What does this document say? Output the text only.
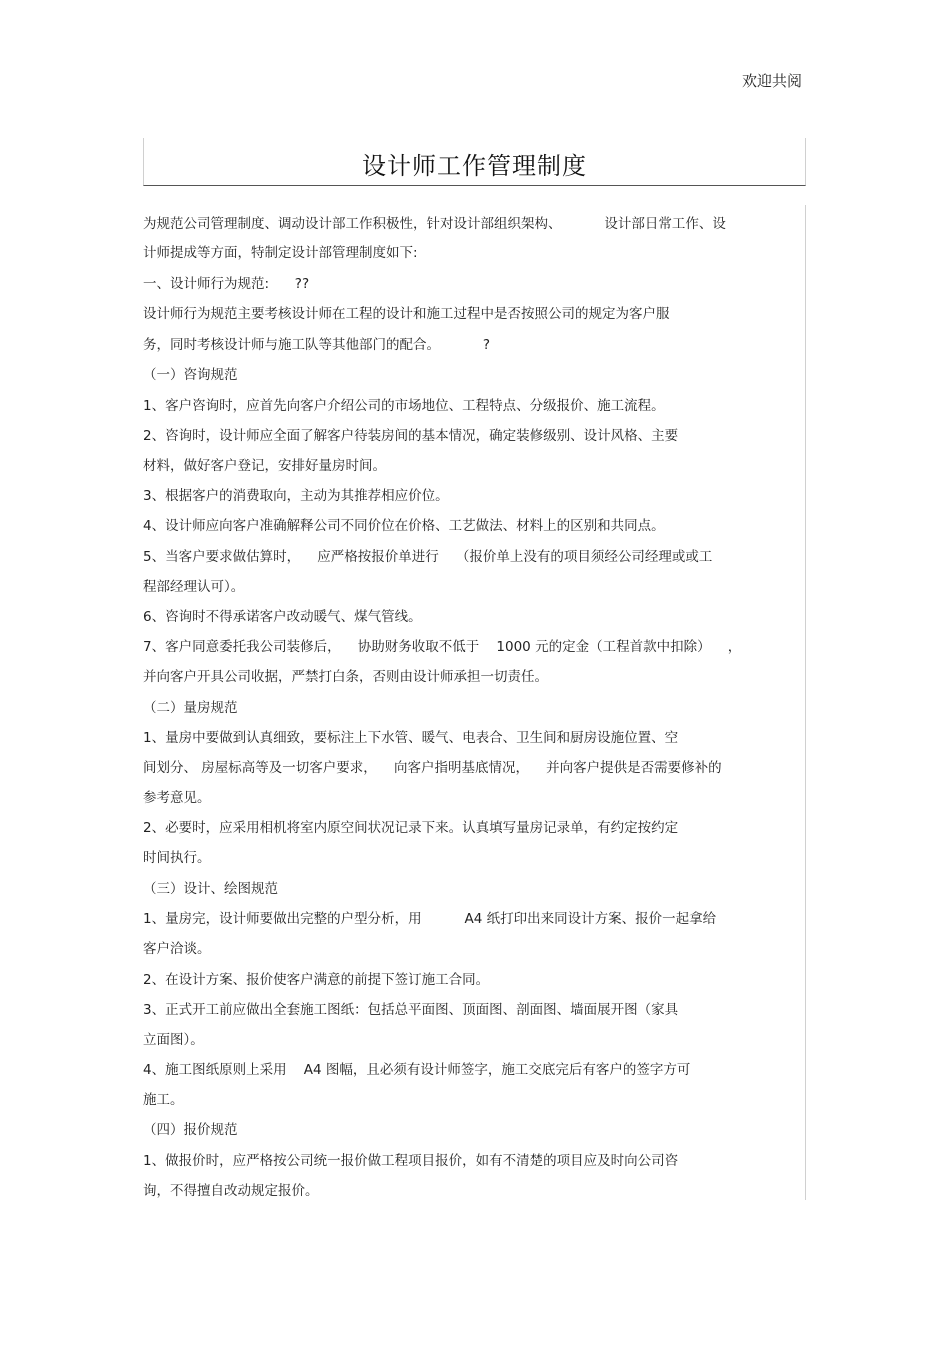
欢迎共阅
设计师工作管理制度
为规范公司管理制度、调动设计部工作积极性，针对设计部组织架构、          设计部日常工作、设
计师提成等方面，特制定设计部管理制度如下:
一、设计师行为规范:      ??
设计师行为规范主要考核设计师在工程的设计和施工过程中是否按照公司的规定为客户服
务，同时考核设计师与施工队等其他部门的配合。          ?
（一）咨询规范
1、客户咨询时，应首先向客户介绍公司的市场地位、工程特点、分级报价、施工流程。
2、咨询时，设计师应全面了解客户待装房间的基本情况，确定装修级别、设计风格、主要
材料，做好客户登记，安排好量房时间。
3、根据客户的消费取向，主动为其推荐相应价位。
4、设计师应向客户准确解释公司不同价位在价格、工艺做法、材料上的区别和共同点。
5、当客户要求做估算时，    应严格按报价单进行    （报价单上没有的项目须经公司经理或或工
程部经理认可）。
6、咨询时不得承诺客户改动暖气、煤气管线。
7、客户同意委托我公司装修后，    协助财务收取不低于    1000 元的定金（工程首款中扣除）    ，
并向客户开具公司收据，严禁打白条，否则由设计师承担一切责任。
（二）量房规范
1、量房中要做到认真细致，要标注上下水管、暖气、电表合、卫生间和厨房设施位置、空
间划分、 房屋标高等及一切客户要求，    向客户指明基底情况，    并向客户提供是否需要修补的
参考意见。
2、必要时，应采用相机将室内原空间状况记录下来。认真填写量房记录单，有约定按约定
时间执行。
（三）设计、绘图规范
1、量房完，设计师要做出完整的户型分析，用          A4 纸打印出来同设计方案、报价一起拿给
客户洽谈。
2、在设计方案、报价使客户满意的前提下签订施工合同。
3、正式开工前应做出全套施工图纸：包括总平面图、顶面图、剖面图、墙面展开图（家具
立面图）。
4、施工图纸原则上采用    A4 图幅，且必须有设计师签字，施工交底完后有客户的签字方可
施工。
（四）报价规范
1、做报价时，应严格按公司统一报价做工程项目报价，如有不清楚的项目应及时向公司咨
询，不得擅自改动规定报价。
